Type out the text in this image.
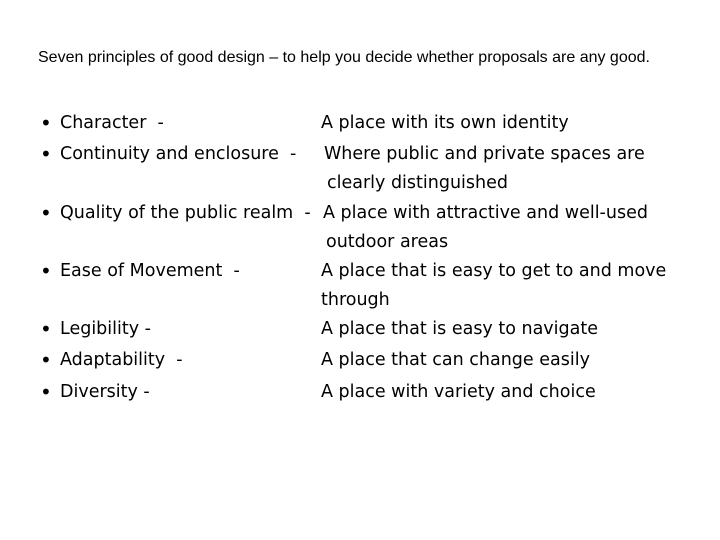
Seven principles of good design – to help you decide whether proposals are any good.
• Character  -	A place with its own identity
• Continuity and enclosure  - Where public and private spaces are
clearly distinguished
• Quality of the public realm  - A place with attractive and well-used
outdoor areas
• Ease of Movement  -	A place that is easy to get to and move
through
• Legibility -	A place that is easy to navigate
• Adaptability  -	A place that can change easily
• Diversity -	A place with variety and choice
